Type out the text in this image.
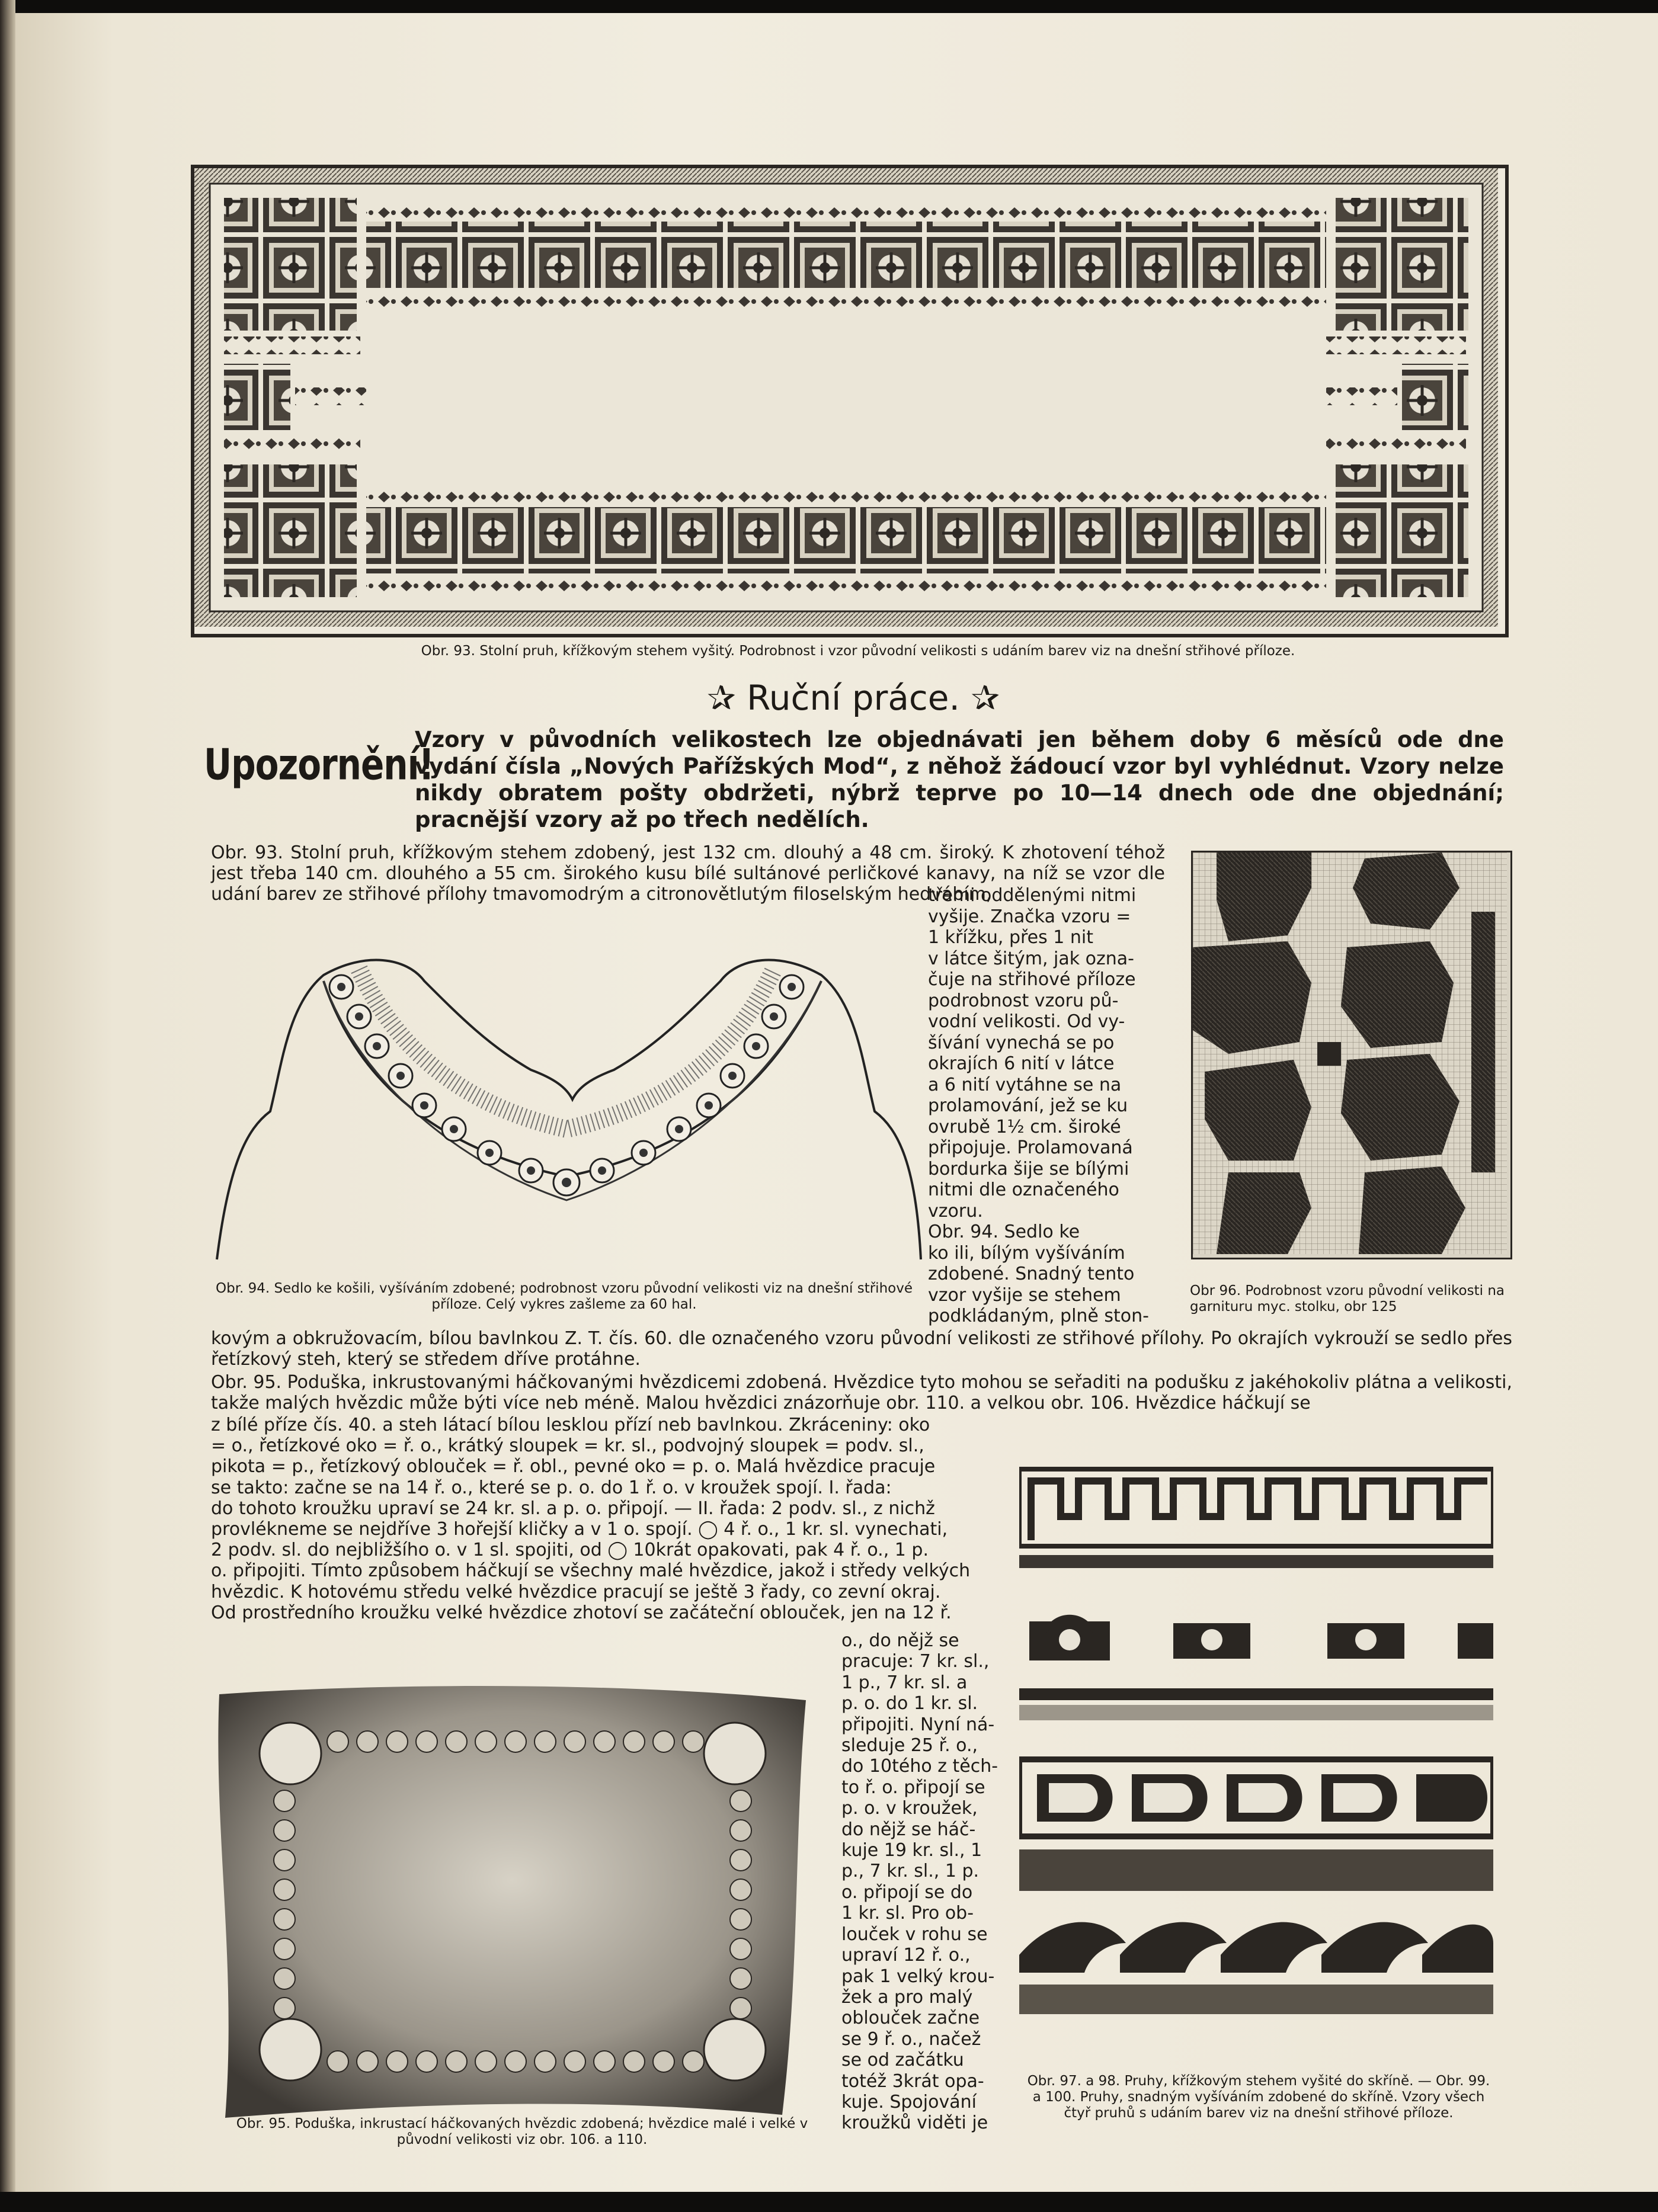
Obr. 93. Stolní pruh, křížkovým stehem vyšitý. Podrobnost i vzor původní velikosti s udáním barev viz na dnešní střihové příloze.
✰ Ruční práce. ✰
Upozornění!
Vzory v původních velikostech lze objednávati jen během doby 6 měsíců ode dne vydání čísla „Nových Pařížských Mod“, z něhož žádoucí vzor byl vyhlédnut. Vzory nelze nikdy obratem pošty obdržeti, nýbrž teprve po 10—14 dnech ode dne objednání; pracnější vzory až po třech nedělích.
Obr. 93. Stolní pruh, křížkovým stehem zdobený, jest 132 cm. dlouhý a 48 cm. široký. K zhotovení téhož jest třeba 140 cm. dlouhého a 55 cm. širokého kusu bílé sultánové perličkové kanavy, na níž se vzor dle udání barev ze střihové přílohy tmavomodrým a citronovětlutým filoselským hedvábím,
třemi oddělenými nitmi
vyšije. Značka vzoru =
1 křížku, přes 1 nit
v látce šitým, jak ozna-
čuje na střihové příloze
podrobnost vzoru pů-
vodní velikosti. Od vy-
šívání vynechá se po
okrajích 6 nití v látce
a 6 nití vytáhne se na
prolamování, jež se ku
ovrubě 1½ cm. široké
připojuje. Prolamovaná
bordurka šije se bílými
nitmi dle označeného
vzoru.
Obr. 94. Sedlo ke
ko ili, bílým vyšíváním
zdobené. Snadný tento
vzor vyšije se stehem
podkládaným, plně ston-
Obr. 94. Sedlo ke košili, vyšíváním zdobené; podrobnost vzoru původní velikosti viz na dnešní střihové příloze. Celý vykres zašleme za 60 hal.
Obr 96. Podrobnost vzoru původní velikosti na garnituru myc. stolku, obr 125
kovým a obkružovacím, bílou bavlnkou Z. T. čís. 60. dle označeného vzoru původní velikosti ze střihové přílohy. Po okrajích vykrouží se sedlo přes řetízkový steh, který se středem dříve protáhne.
Obr. 95. Poduška, inkrustovanými háčkovanými hvězdicemi zdobená. Hvězdice tyto mohou se seřaditi na podušku z jakéhokoliv plátna a velikosti, takže malých hvězdic může býti více neb méně. Malou hvězdici znázorňuje obr. 110. a velkou obr. 106. Hvězdice háčkují se
z bílé příze čís. 40. a steh látací bílou lesklou přízí neb bavlnkou. Zkráceniny: oko
= o., řetízkové oko = ř. o., krátký sloupek = kr. sl., podvojný sloupek = podv. sl.,
pikota = p., řetízkový oblouček = ř. obl., pevné oko = p. o. Malá hvězdice pracuje
se takto: začne se na 14 ř. o., které se p. o. do 1 ř. o. v kroužek spojí. I. řada:
do tohoto kroužku upraví se 24 kr. sl. a p. o. připojí. — II. řada: 2 podv. sl., z nichž
provlékneme se nejdříve 3 hořejší kličky a v 1 o. spojí. ◯ 4 ř. o., 1 kr. sl. vynechati,
2 podv. sl. do nejbližšího o. v 1 sl. spojiti, od ◯ 10krát opakovati, pak 4 ř. o., 1 p.
o. připojiti. Tímto způsobem háčkují se všechny malé hvězdice, jakož i středy velkých
hvězdic. K hotovému středu velké hvězdice pracují se ještě 3 řady, co zevní okraj.
Od prostředního kroužku velké hvězdice zhotoví se začáteční oblouček, jen na 12 ř.
o., do nějž se
pracuje: 7 kr. sl.,
1 p., 7 kr. sl. a
p. o. do 1 kr. sl.
připojiti. Nyní ná-
sleduje 25 ř. o.,
do 10tého z těch-
to ř. o. připojí se
p. o. v kroužek,
do nějž se háč-
kuje 19 kr. sl., 1
p., 7 kr. sl., 1 p.
o. připojí se do
1 kr. sl. Pro ob-
louček v rohu se
upraví 12 ř. o.,
pak 1 velký krou-
žek a pro malý
oblouček začne
se 9 ř. o., načež
se od začátku
totéž 3krát opa-
kuje. Spojování
kroužků viděti je
Obr. 95. Poduška, inkrustací háčkovaných hvězdic zdobená; hvězdice malé i velké v původní velikosti viz obr. 106. a 110.
Obr. 97. a 98. Pruhy, křížkovým stehem vyšité do skříně. — Obr. 99. a 100. Pruhy, snadným vyšíváním zdobené do skříně. Vzory všech čtyř pruhů s udáním barev viz na dnešní střihové příloze.
